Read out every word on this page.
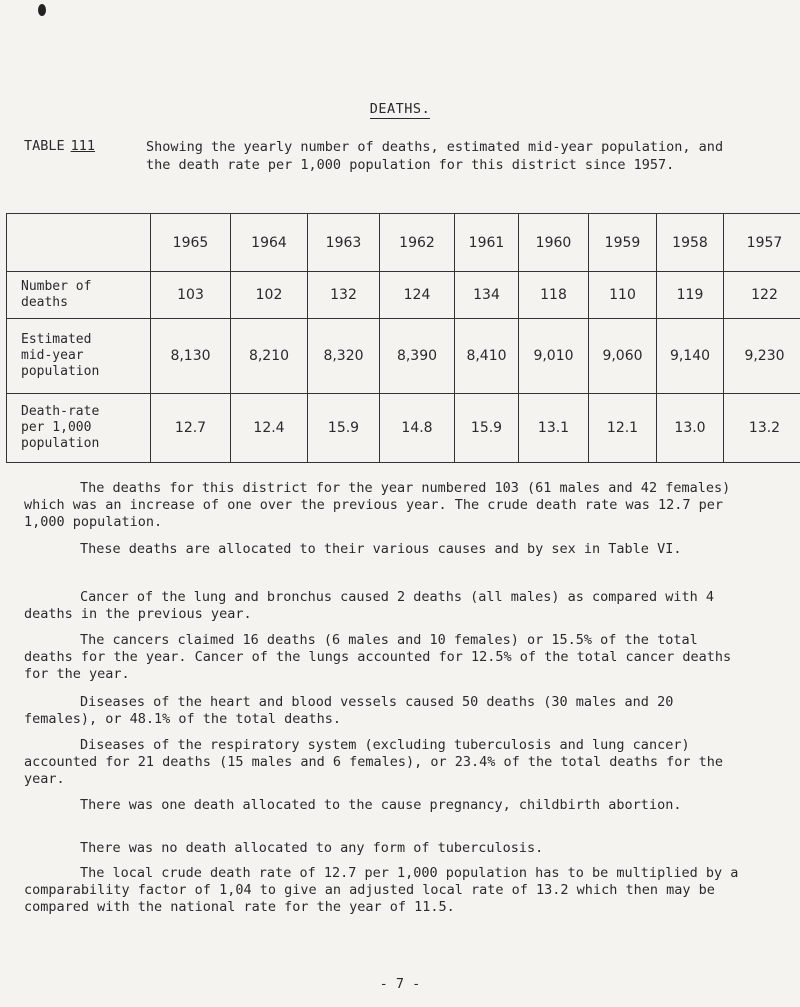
DEATHS.
TABLE 111	Showing the yearly number of deaths, estimated mid-year population, and the death rate per 1,000 population for this district since 1957.
	1965	1964	1963	1962	1961	1960	1959	1958	1957

Number of
deaths	103	102	132	124	134	118	110	119	122

Estimated
mid-year
population	8,130	8,210	8,320	8,390	8,410	9,010	9,060	9,140	9,230

Death-rate
per 1,000
population	12.7	12.4	15.9	14.8	15.9	13.1	12.1	13.0	13.2
The deaths for this district for the year numbered 103 (61 males and 42 females) which was an increase of one over the previous year. The crude death rate was 12.7 per 1,000 population.
These deaths are allocated to their various causes and by sex in Table VI.
Cancer of the lung and bronchus caused 2 deaths (all males) as compared with 4 deaths in the previous year.
The cancers claimed 16 deaths (6 males and 10 females) or 15.5% of the total deaths for the year. Cancer of the lungs accounted for 12.5% of the total cancer deaths for the year.
Diseases of the heart and blood vessels caused 50 deaths (30 males and 20 females), or 48.1% of the total deaths.
Diseases of the respiratory system (excluding tuberculosis and lung cancer) accounted for 21 deaths (15 males and 6 females), or 23.4% of the total deaths for the year.
There was one death allocated to the cause pregnancy, childbirth abortion.
There was no death allocated to any form of tuberculosis.
The local crude death rate of 12.7 per 1,000 population has to be multiplied by a comparability factor of 1,04 to give an adjusted local rate of 13.2 which then may be compared with the national rate for the year of 11.5.
- 7 -
